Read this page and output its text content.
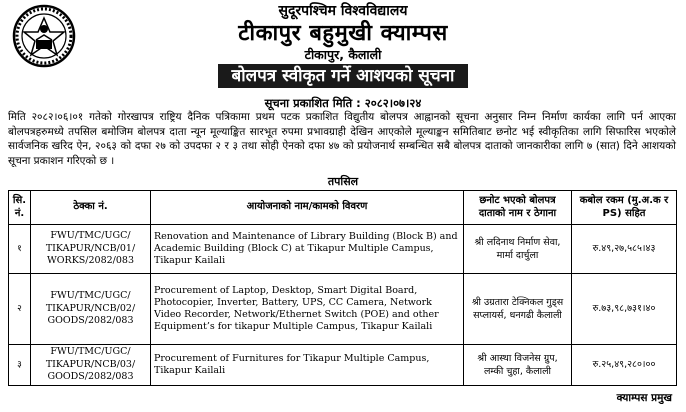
सुदूरपश्चिम विश्वविद्यालय
टीकापुर बहुमुखी क्याम्पस
टीकापुर, कैलाली
बोलपत्र स्वीकृत गर्ने आशयको सूचना
सूचना प्रकाशित मिति : २०८२।०७।२४
मिति २०८२।०६।०१ गतेको गोरखापत्र राष्ट्रिय दैनिक पत्रिकामा प्रथम पटक प्रकाशित विद्युतीय बोलपत्र आह्वानको सूचना अनुसार निम्न निर्माण कार्यका लागि पर्न आएका बोलपत्रहरुमध्ये तपसिल बमोजिम बोलपत्र दाता न्यून मूल्याङ्कित सारभूत रुपमा प्रभावग्राही देखिन आएकोले मूल्याङ्कन समितिबाट छनोट भई स्वीकृतिका लागि सिफारिस भएकोले सार्वजनिक खरिद ऐन, २०६३ को दफा २७ को उपदफा २ र ३ तथा सोही ऐनको दफा ४७ को प्रयोजनार्थ सम्बन्धित सबै बोलपत्र दाताको जानकारीका लागि ७ (सात) दिने आशयको सूचना प्रकाशन गरिएको छ ।
तपसिल
सि. नं.	ठेक्का नं.	आयोजनाको नाम/कामको विवरण	छनोट भएको बोलपत्र दाताको नाम र ठेगाना	कबोल रकम (मु.अ.क र PS) सहित
१	FWU/TMC/UGC/ TIKAPUR/NCB/01/ WORKS/2082/083	Renovation and Maintenance of Library Building (Block B) and Academic Building (Block C) at Tikapur Multiple Campus, Tikapur Kailali	श्री लदिनाथ निर्माण सेवा, मार्मा दार्चुला	रु.४९,२७,५८५।४३
२	FWU/TMC/UGC/ TIKAPUR/NCB/02/ GOODS/2082/083	Procurement of Laptop, Desktop, Smart Digital Board, Photocopier, Inverter, Battery, UPS, CC Camera, Network Video Recorder, Network/Ethernet Switch (POE) and other Equipment’s for tikapur Multiple Campus, Tikapur Kailali	श्री उग्रतारा टेक्निकल गुड्स सप्लायर्स, धनगढी कैलाली	रु.७३,९८,७३१।४०
३	FWU/TMC/UGC/ TIKAPUR/NCB/03/ GOODS/2082/083	Procurement of Furnitures for Tikapur Multiple Campus, Tikapur Kailali	श्री आस्था विजनेस ग्रुप, लम्की चुहा, कैलाली	रु.२५,४९,२८०।००
क्याम्पस प्रमुख
